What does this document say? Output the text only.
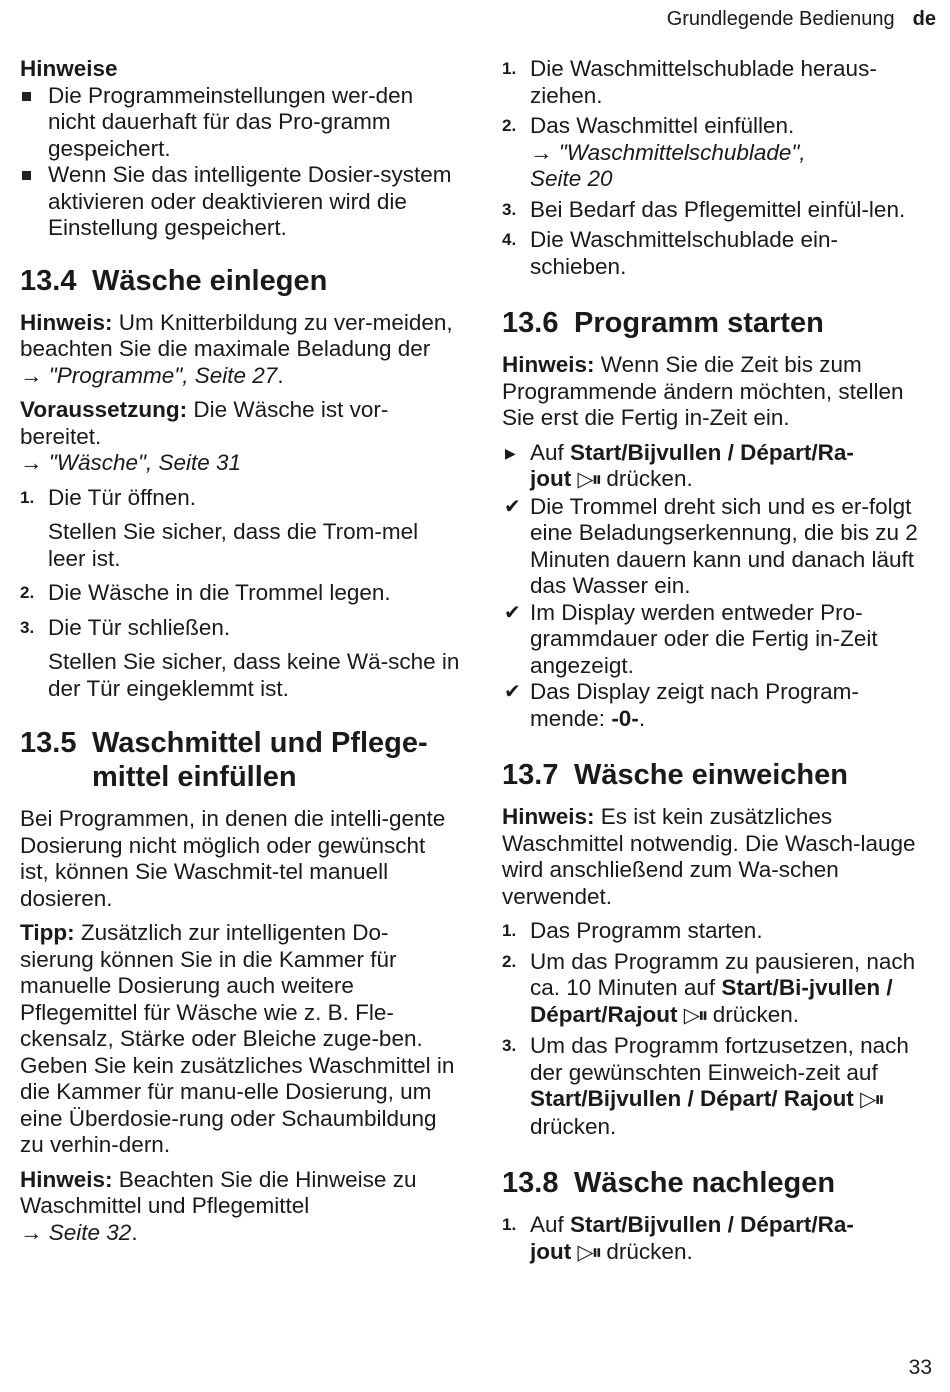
Grundlegende Bedienung de

Hinweise

Die Programmeinstellungen wer-den nicht dauerhaft für das Pro-gramm gespeichert.

Wenn Sie das intelligente Dosier-system aktivieren oder deaktivieren wird die Einstellung gespeichert.

13.4 Wäsche einlegen

Hinweis: Um Knitterbildung zu ver-meiden, beachten Sie die maximale Beladung der
→ "Programme", Seite 27.

Voraussetzung: Die Wäsche ist vor-bereitet.
→ "Wäsche", Seite 31

1. Die Tür öffnen.

Stellen Sie sicher, dass die Trom-mel leer ist.

2. Die Wäsche in die Trommel legen.

3. Die Tür schließen.

Stellen Sie sicher, dass keine Wä-sche in der Tür eingeklemmt ist.

13.5 Waschmittel und Pflege-
mittel einfüllen

Bei Programmen, in denen die intelli-gente Dosierung nicht möglich oder gewünscht ist, können Sie Waschmit-tel manuell dosieren.

Tipp: Zusätzlich zur intelligenten Do-sierung können Sie in die Kammer für manuelle Dosierung auch weitere Pflegemittel für Wäsche wie z. B. Fle-ckensalz, Stärke oder Bleiche zuge-ben. Geben Sie kein zusätzliches Waschmittel in die Kammer für manu-elle Dosierung, um eine Überdosie-rung oder Schaumbildung zu verhin-dern.

Hinweis: Beachten Sie die Hinweise zu Waschmittel und Pflegemittel
→ Seite 32.

1. Die Waschmittelschublade heraus-ziehen.

2. Das Waschmittel einfüllen.
→ "Waschmittelschublade",
Seite 20

3. Bei Bedarf das Pflegemittel einfül-len.

4. Die Waschmittelschublade ein-schieben.

13.6 Programm starten

Hinweis: Wenn Sie die Zeit bis zum Programmende ändern möchten, stellen Sie erst die Fertig in-Zeit ein.

▶ Auf Start/Bijvullen / Départ/Ra-
jout ▷⏸ drücken.

✔ Die Trommel dreht sich und es er-folgt eine Beladungserkennung, die bis zu 2 Minuten dauern kann und danach läuft das Wasser ein.

✔ Im Display werden entweder Pro-grammdauer oder die Fertig in-Zeit angezeigt.

✔ Das Display zeigt nach Program-mende: -0-.

13.7 Wäsche einweichen

Hinweis: Es ist kein zusätzliches Waschmittel notwendig. Die Wasch-lauge wird anschließend zum Wa-schen verwendet.

1. Das Programm starten.

2. Um das Programm zu pausieren, nach ca. 10 Minuten auf Start/Bi-jvullen / Départ/Rajout ▷⏸ drücken.

3. Um das Programm fortzusetzen, nach der gewünschten Einweich-zeit auf Start/Bijvullen / Départ/ Rajout ▷⏸ drücken.

13.8 Wäsche nachlegen

1. Auf Start/Bijvullen / Départ/Ra-
jout ▷⏸ drücken.

33
